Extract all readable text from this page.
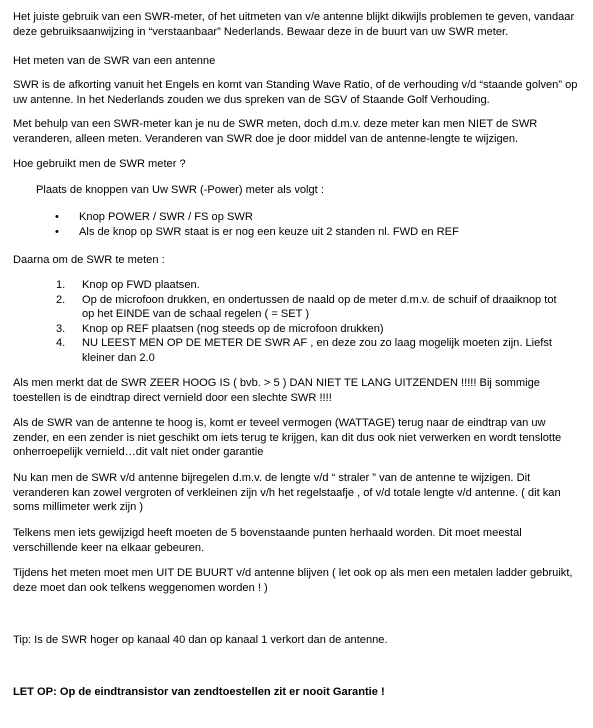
Het juiste gebruik van een SWR-meter, of het uitmeten van v/e antenne blijkt dikwijls problemen te geven, vandaar deze gebruiksaanwijzing in “verstaanbaar” Nederlands. Bewaar deze in de buurt van uw SWR meter.

Het meten van de SWR van een antenne

SWR is de afkorting vanuit het Engels en komt van Standing Wave Ratio, of de verhouding v/d “staande golven” op uw antenne. In het Nederlands zouden we dus spreken van de SGV of Staande Golf Verhouding.

Met behulp van een SWR-meter kan je nu de SWR meten, doch d.m.v. deze meter kan men NIET de SWR veranderen, alleen meten. Veranderen van SWR doe je door middel van de antenne-lengte te wijzigen.

Hoe gebruikt men de SWR meter ?

Plaats de knoppen van Uw SWR (-Power) meter als volgt :

• Knop POWER / SWR / FS op SWR
• Als de knop op SWR staat is er nog een keuze uit 2 standen nl. FWD en REF

Daarna om de SWR te meten :

1. Knop op FWD plaatsen.
2. Op de microfoon drukken, en ondertussen de naald op de meter d.m.v. de schuif of draaiknop tot op het EINDE van de schaal regelen ( = SET )
3. Knop op REF plaatsen (nog steeds op de microfoon drukken)
4. NU LEEST MEN OP DE METER DE SWR AF , en deze zou zo laag mogelijk moeten zijn. Liefst kleiner dan 2.0

Als men merkt dat de SWR ZEER HOOG IS ( bvb. > 5 ) DAN NIET TE LANG UITZENDEN !!!!! Bij sommige toestellen is de eindtrap direct vernield door een slechte SWR !!!!

Als de SWR van de antenne te hoog is, komt er teveel vermogen (WATTAGE) terug naar de eindtrap van uw zender, en een zender is niet geschikt om iets terug te krijgen, kan dit dus ook niet verwerken en wordt tenslotte onherroepelijk vernield…dit valt niet onder garantie

Nu kan men de SWR v/d antenne bijregelen d.m.v. de lengte v/d “ straler ” van de antenne te wijzigen. Dit veranderen kan zowel vergroten of verkleinen zijn v/h het regelstaafje , of v/d totale lengte v/d antenne. ( dit kan soms millimeter werk zijn )

Telkens men iets gewijzigd heeft moeten de 5 bovenstaande punten herhaald worden. Dit moet meestal verschillende keer na elkaar gebeuren.

Tijdens het meten moet men UIT DE BUURT v/d antenne blijven ( let ook op als men een metalen ladder gebruikt, deze moet dan ook telkens weggenomen worden ! )

Tip: Is de SWR hoger op kanaal 40 dan op kanaal 1 verkort dan de antenne.

LET OP: Op de eindtransistor van zendtoestellen zit er nooit Garantie !
